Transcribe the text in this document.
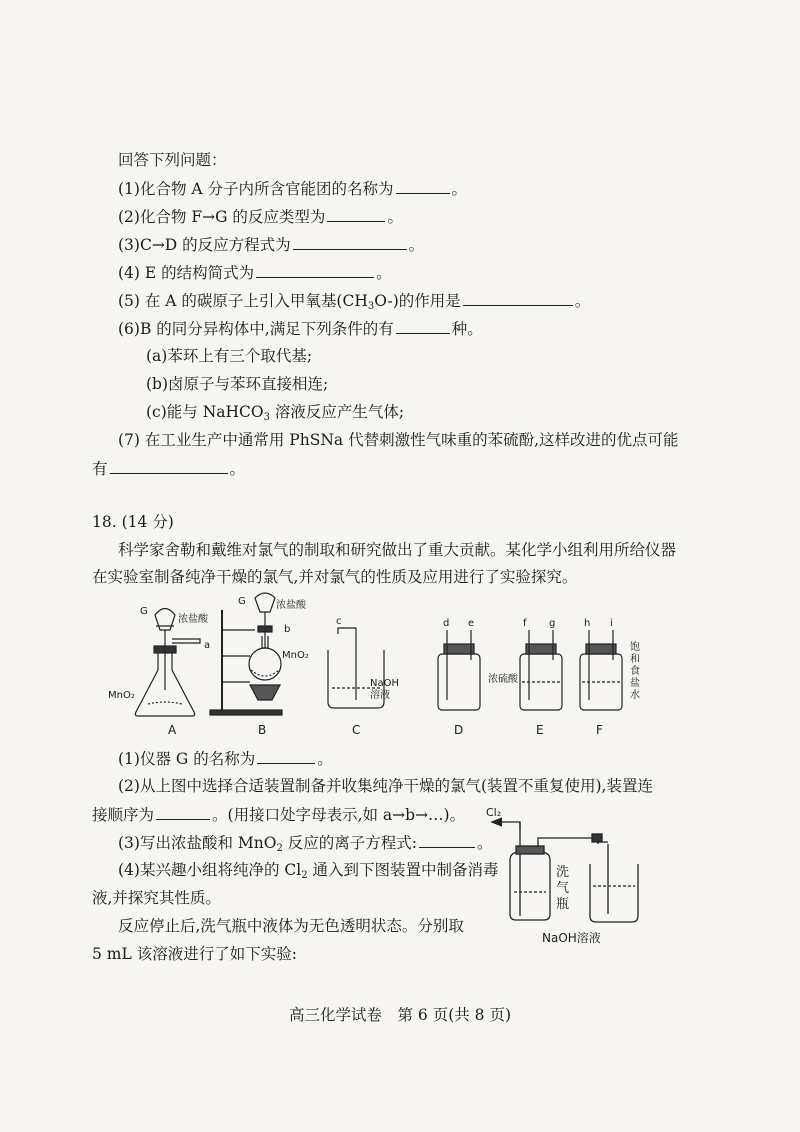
回答下列问题：
(1)化合物 A 分子内所含官能团的名称为	。
(2)化合物 F→G 的反应类型为	。
(3)C→D 的反应方程式为	。
(4) E 的结构简式为	。
(5) 在 A 的碳原子上引入甲氧基$(CH_3O-)$的作用是	。
(6)B 的同分异构体中,满足下列条件的有	种。
(a)苯环上有三个取代基;
(b)卤原子与苯环直接相连;
(c)能与 NaHCO$_3$ 溶液反应产生气体;
(7) 在工业生产中通常用 PhSNa 代替刺激性气味重的苯硫酚,这样改进的优点可能
有	。
18. (14 分)
科学家舍勒和戴维对氯气的制取和研究做出了重大贡献。某化学小组利用所给仪器
在实验室制备纯净干燥的氯气,并对氯气的性质及应用进行了实验探究。
G
浓盐酸
a
MnO₂
G	浓盐酸
b
MnO₂
c
NaOH
溶液
d e	f g
浓硫酸
h i
饱
和
食
盐
水
A	B	C	D	E	F
(1)仪器 G 的名称为	。
(2)从上图中选择合适装置制备并收集纯净干燥的氯气(装置不重复使用),装置连
接顺序为	。(用接口处字母表示,如 a→b→…)。
(3)写出浓盐酸和 MnO$_2$ 反应的离子方程式:	。
(4)某兴趣小组将纯净的 $Cl_2$ 通入到下图装置中制备消毒
液,并探究其性质。
反应停止后,洗气瓶中液体为无色透明状态。分别取
5 mL 该溶液进行了如下实验:
Cl₂
洗
气
瓶
NaOH溶液
高三化学试卷　第 6 页(共 8 页)
